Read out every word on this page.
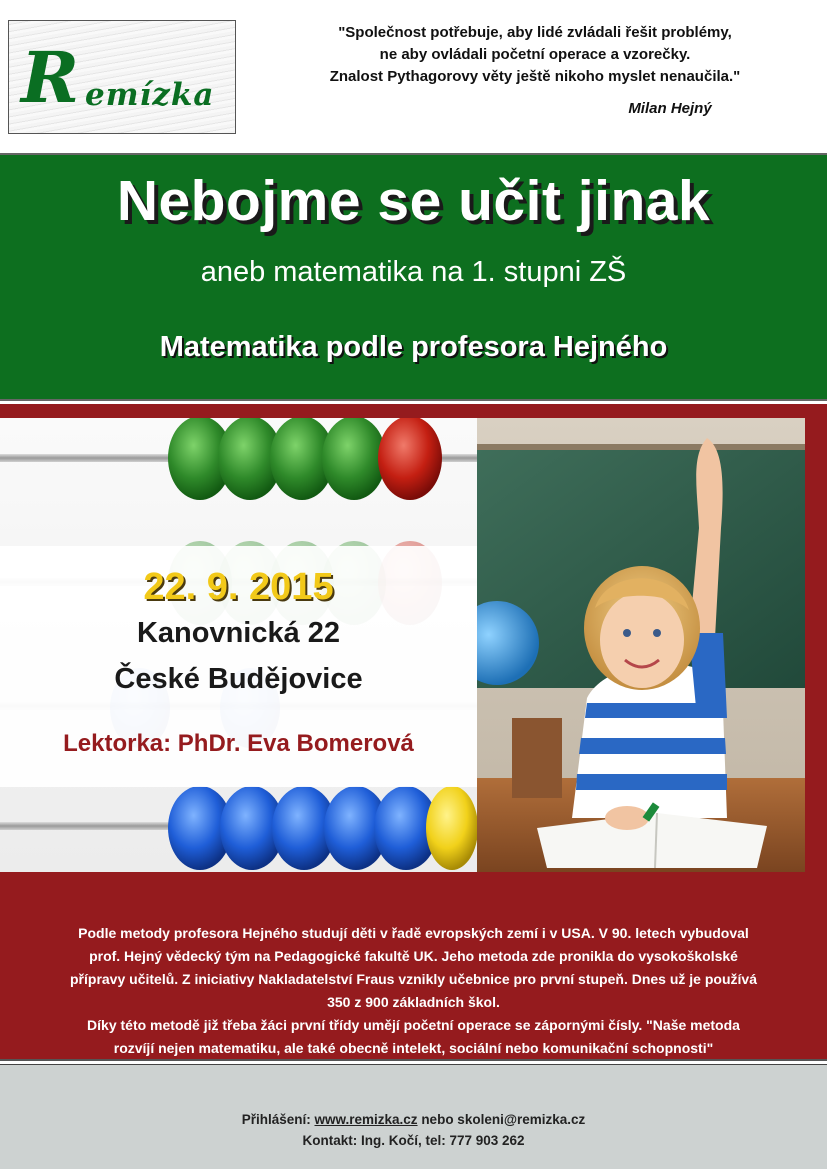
R emízka
"Společnost potřebuje, aby lidé zvládali řešit problémy,
ne aby ovládali početní operace a vzorečky.
Znalost Pythagorovy věty ještě nikoho myslet nenaučila."
Milan Hejný
Nebojme se učit jinak
aneb matematika na 1. stupni ZŠ
Matematika podle profesora Hejného
22. 9. 2015
Kanovnická 22
České Budějovice
Lektorka: PhDr. Eva Bomerová
Podle metody profesora Hejného studují děti v řadě evropských zemí i v USA. V 90. letech vybudoval
prof. Hejný vědecký tým na Pedagogické fakultě UK. Jeho metoda zde pronikla do vysokoškolské
přípravy učitelů. Z iniciativy Nakladatelství Fraus vznikly učebnice pro první stupeň. Dnes už je používá
350 z 900 základních škol.
Díky této metodě již třeba žáci první třídy umějí početní operace se zápornými čísly. "Naše metoda
rozvíjí nejen matematiku, ale také obecně intelekt, sociální nebo komunikační schopnosti"
Přihlášení: www.remizka.cz nebo skoleni@remizka.cz
Kontakt: Ing. Kočí, tel: 777 903 262
